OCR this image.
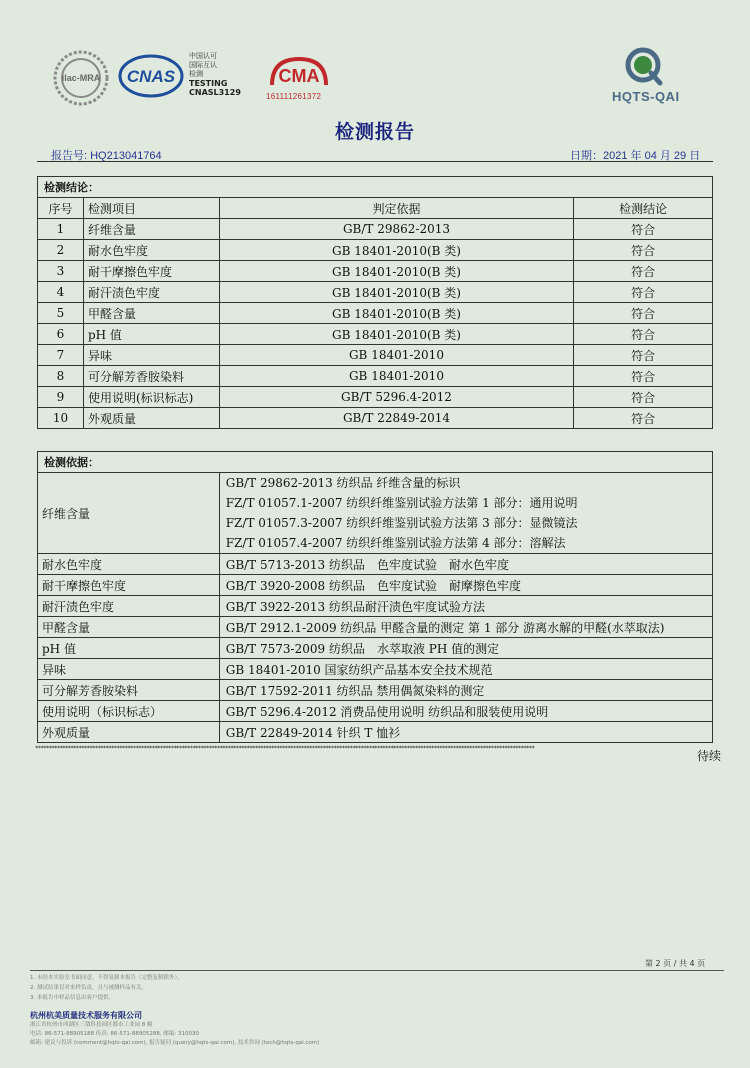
ilac-MRA CNAS
中国认可
国际互认
检测
TESTING
CNASL3129
CMA
161111261372	HQTS-QAI
检测报告
报告号: HQ213041764	日期：2021 年 04 月 29 日
检测结论：			
序号	检测项目	判定依据	检测结论
1	纤维含量	GB/T 29862-2013	符合
2	耐水色牢度	GB 18401-2010(B 类)	符合
3	耐干摩擦色牢度	GB 18401-2010(B 类)	符合
4	耐汗渍色牢度	GB 18401-2010(B 类)	符合
5	甲醛含量	GB 18401-2010(B 类)	符合
6	pH 值	GB 18401-2010(B 类)	符合
7	异味	GB 18401-2010	符合
8	可分解芳香胺染料	GB 18401-2010	符合
9	使用说明(标识标志)	GB/T 5296.4-2012	符合
10	外观质量	GB/T 22849-2014	符合
检测依据：	
纤维含量	GB/T 29862-2013 纺织品 纤维含量的标识
FZ/T 01057.1-2007 纺织纤维鉴别试验方法第 1 部分：通用说明
FZ/T 01057.3-2007 纺织纤维鉴别试验方法第 3 部分：显微镜法
FZ/T 01057.4-2007 纺织纤维鉴别试验方法第 4 部分：溶解法

耐水色牢度	GB/T 5713-2013 纺织品　色牢度试验　耐水色牢度
耐干摩擦色牢度	GB/T 3920-2008 纺织品　色牢度试验　耐摩擦色牢度
耐汗渍色牢度	GB/T 3922-2013 纺织品耐汗渍色牢度试验方法
甲醛含量	GB/T 2912.1-2009 纺织品 甲醛含量的测定 第 1 部分 游离水解的甲醛(水萃取法)
pH 值	GB/T 7573-2009 纺织品　水萃取液 PH 值的测定
异味	GB 18401-2010 国家纺织产品基本安全技术规范
可分解芳香胺染料	GB/T 17592-2011 纺织品 禁用偶氮染料的测定
使用说明（标识标志）	GB/T 5296.4-2012 消费品使用说明 纺织品和服装使用说明
外观质量	GB/T 22849-2014 针织 T 恤衫
****************************************************************************************************************************************************************************************
待续
第 2 页 / 共 4 页
1. 未经本实验室书面同意，不得复制本报告（完整复制除外）。
2. 测试结果仅对来样负责，且与被测样品有关。
3. 本报告中样品信息由客户提供。
杭州杭美质量技术服务有限公司
浙江省杭州市西湖区三墩科技园区都市工业园 8 幢
电话: 86-571-88905188 传真: 86-571-88905288, 邮编: 310030
邮箱: 建议与投诉 (comment@hqts-qai.com), 报告疑问 (query@hqts-qai.com), 技术咨询 (tech@hqts-qai.com)
